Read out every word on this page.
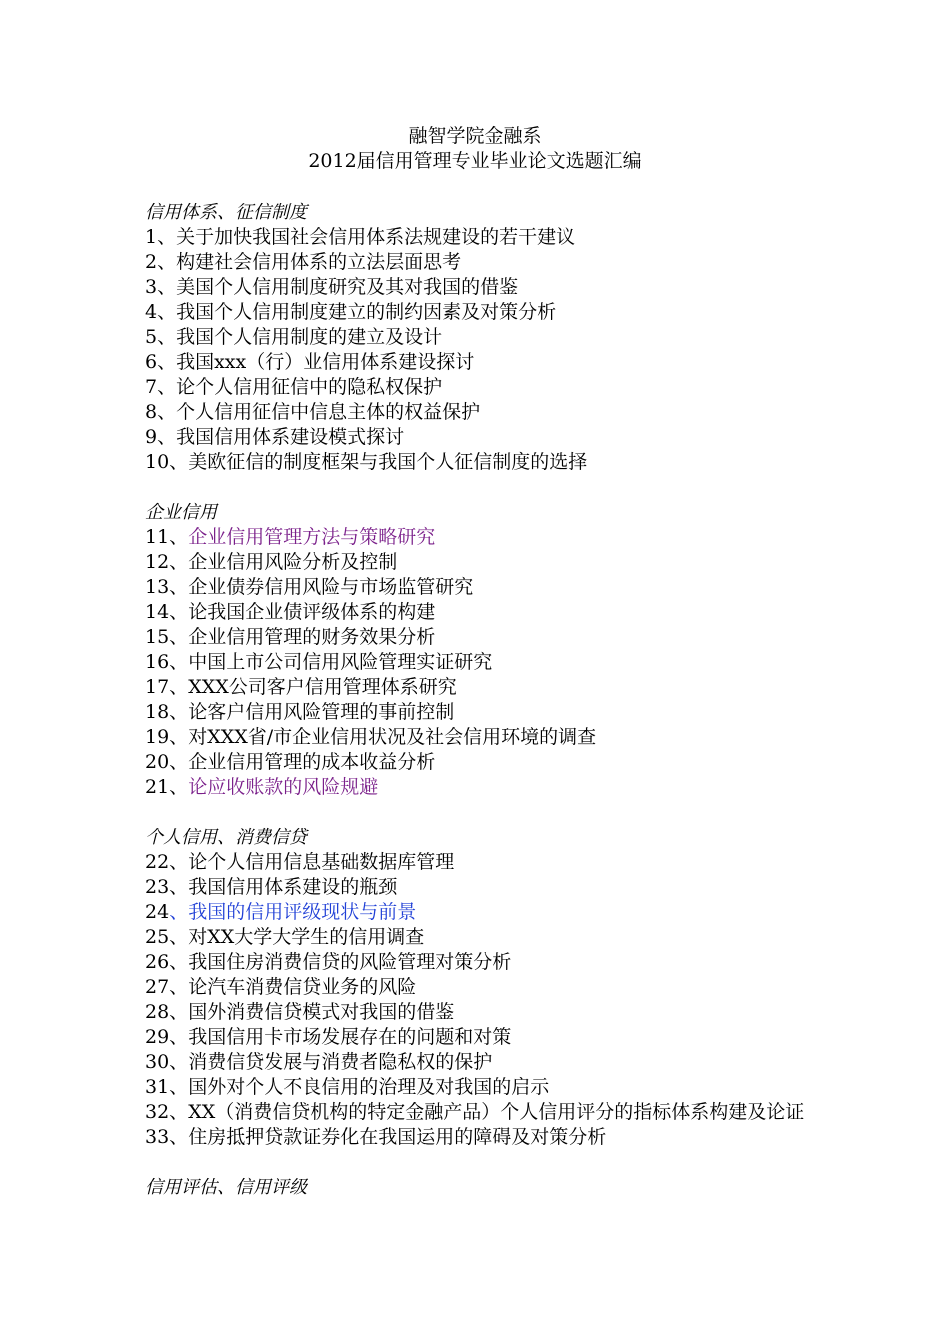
融智学院金融系
2012届信用管理专业毕业论文选题汇编
信用体系、征信制度
1、关于加快我国社会信用体系法规建设的若干建议
2、构建社会信用体系的立法层面思考
3、美国个人信用制度研究及其对我国的借鉴
4、我国个人信用制度建立的制约因素及对策分析
5、我国个人信用制度的建立及设计
6、我国xxx（行）业信用体系建设探讨
7、论个人信用征信中的隐私权保护
8、个人信用征信中信息主体的权益保护
9、我国信用体系建设模式探讨
10、美欧征信的制度框架与我国个人征信制度的选择
企业信用
11、企业信用管理方法与策略研究
12、企业信用风险分析及控制
13、企业债券信用风险与市场监管研究
14、论我国企业债评级体系的构建
15、企业信用管理的财务效果分析
16、中国上市公司信用风险管理实证研究
17、XXX公司客户信用管理体系研究
18、论客户信用风险管理的事前控制
19、对XXX省/市企业信用状况及社会信用环境的调查
20、企业信用管理的成本收益分析
21、论应收账款的风险规避
个人信用、消费信贷
22、论个人信用信息基础数据库管理
23、我国信用体系建设的瓶颈
24、我国的信用评级现状与前景
25、对XX大学大学生的信用调查
26、我国住房消费信贷的风险管理对策分析
27、论汽车消费信贷业务的风险
28、国外消费信贷模式对我国的借鉴
29、我国信用卡市场发展存在的问题和对策
30、消费信贷发展与消费者隐私权的保护
31、国外对个人不良信用的治理及对我国的启示
32、XX（消费信贷机构的特定金融产品）个人信用评分的指标体系构建及论证
33、住房抵押贷款证券化在我国运用的障碍及对策分析
信用评估、信用评级
